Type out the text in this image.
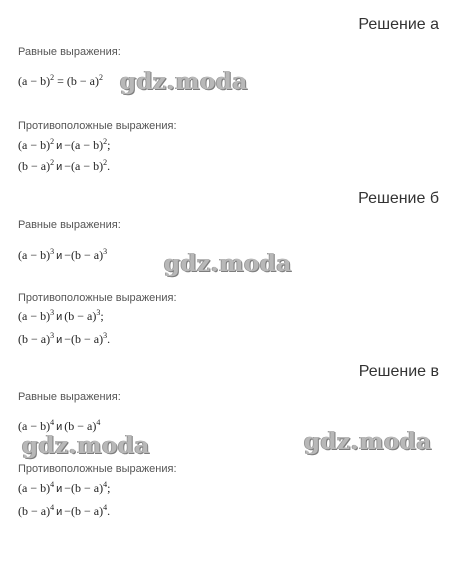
Решение а
Равные выражения:
$(a - b)^2 = (b - a)^2$ gdz.moda
Противоположные выражения:
$(a - b)^2$ $и -(a - b)^2$;
$(b - a)^2$ $и -(a - b)^2$.
Решение б
Равные выражения:
$(a - b)^3$ $и -(b - a)^3$ gdz.moda
Противоположные выражения:
$(a - b)^3$ и $(b - a)^3$;
$(b - a)^3$ $и -(b - a)^3$.
Решение в
Равные выражения:
$(a - b)^4$ и $(b - a)^4$
gdz.moda	gdz.moda
Противоположные выражения:
$(a - b)^4$ $и -(b - a)^4$;
$(b - a)^4$ $и -(b - a)^4$.
